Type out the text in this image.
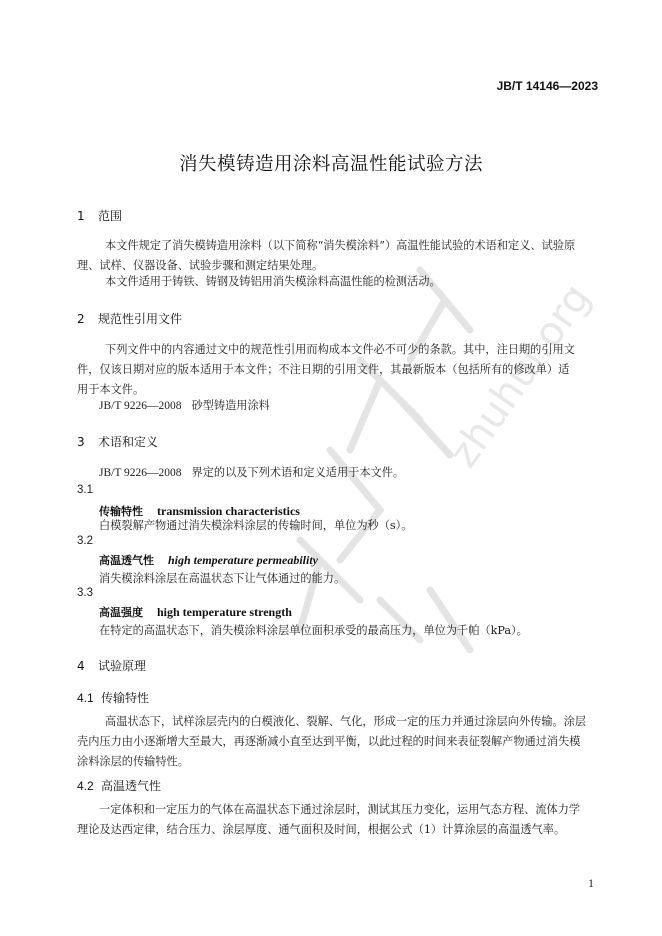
zhuhui.org
JB/T 14146—2023
消失模铸造用涂料高温性能试验方法
1 范围
本文件规定了消失模铸造用涂料（以下简称“消失模涂料”）高温性能试验的术语和定义、试验原
理、试样、仪器设备、试验步骤和测定结果处理。
本文件适用于铸铁、铸钢及铸铝用消失模涂料高温性能的检测活动。
2 规范性引用文件
下列文件中的内容通过文中的规范性引用而构成本文件必不可少的条款。其中，注日期的引用文
件，仅该日期对应的版本适用于本文件；不注日期的引用文件，其最新版本（包括所有的修改单）适
用于本文件。
JB/T 9226—2008 砂型铸造用涂料
3 术语和定义
JB/T 9226—2008 界定的以及下列术语和定义适用于本文件。
3.1
传输特性 transmission characteristics
白模裂解产物通过消失模涂料涂层的传输时间，单位为秒（s）。
3.2
高温透气性 high temperature permeability
消失模涂料涂层在高温状态下让气体通过的能力。
3.3
高温强度 high temperature strength
在特定的高温状态下，消失模涂料涂层单位面积承受的最高压力，单位为千帕（kPa）。
4 试验原理
4.1 传输特性
高温状态下，试样涂层壳内的白模液化、裂解、气化，形成一定的压力并通过涂层向外传输。涂层
壳内压力由小逐渐增大至最大，再逐渐减小直至达到平衡，以此过程的时间来表征裂解产物通过消失模
涂料涂层的传输特性。
4.2 高温透气性
一定体积和一定压力的气体在高温状态下通过涂层时，测试其压力变化，运用气态方程、流体力学
理论及达西定律，结合压力、涂层厚度、通气面积及时间，根据公式（1）计算涂层的高温透气率。
1
